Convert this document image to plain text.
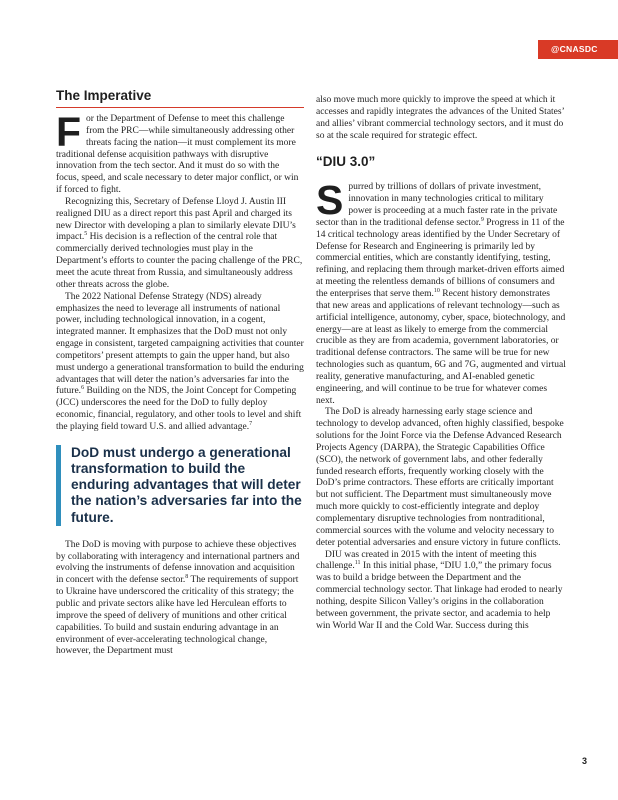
@CNASDC
The Imperative

For the Department of Defense to meet this challenge from the PRC—while simultaneously addressing other threats facing the nation—it must complement its more traditional defense acquisition pathways with disruptive innovation from the tech sector. And it must do so with the focus, speed, and scale necessary to deter major conflict, or win if forced to fight.

Recognizing this, Secretary of Defense Lloyd J. Austin III realigned DIU as a direct report this past April and charged its new Director with developing a plan to similarly elevate DIU’s impact.$^5$ His decision is a reflection of the central role that commercially derived technologies must play in the Department’s efforts to counter the pacing challenge of the PRC, meet the acute threat from Russia, and simultaneously address other threats across the globe.

The 2022 National Defense Strategy (NDS) already emphasizes the need to leverage all instruments of national power, including technological innovation, in a cogent, integrated manner. It emphasizes that the DoD must not only engage in consistent, targeted campaigning activities that counter competitors’ present attempts to gain the upper hand, but also must undergo a generational transformation to build the enduring advantages that will deter the nation’s adversaries far into the future.$^6$ Building on the NDS, the Joint Concept for Competing (JCC) underscores the need for the DoD to fully deploy economic, financial, regulatory, and other tools to level and shift the playing field toward U.S. and allied advantage.$^7$

DoD must undergo a generational transformation to build the enduring advantages that will deter the nation’s adversaries far into the future.

The DoD is moving with purpose to achieve these objectives by collaborating with interagency and international partners and evolving the instruments of defense innovation and acquisition in concert with the defense sector.$^8$ The requirements of support to Ukraine have underscored the criticality of this strategy; the public and private sectors alike have led Herculean efforts to improve the speed of delivery of munitions and other critical capabilities. To build and sustain enduring advantage in an environment of ever-accelerating technological change, however, the Department must

also move much more quickly to improve the speed at which it accesses and rapidly integrates the advances of the United States’ and allies’ vibrant commercial technology sectors, and it must do so at the scale required for strategic effect.

“DIU 3.0”

Spurred by trillions of dollars of private investment, innovation in many technologies critical to military power is proceeding at a much faster rate in the private sector than in the traditional defense sector.$^9$ Progress in 11 of the 14 critical technology areas identified by the Under Secretary of Defense for Research and Engineering is primarily led by commercial entities, which are constantly identifying, testing, refining, and replacing them through market-driven efforts aimed at meeting the relentless demands of billions of consumers and the enterprises that serve them.$^{10}$ Recent history demonstrates that new areas and applications of relevant technology—such as artificial intelligence, autonomy, cyber, space, biotechnology, and energy—are at least as likely to emerge from the commercial crucible as they are from academia, government laboratories, or traditional defense contractors. The same will be true for new technologies such as quantum, 6G and 7G, augmented and virtual reality, generative manufacturing, and AI-enabled genetic engineering, and will continue to be true for whatever comes next.

The DoD is already harnessing early stage science and technology to develop advanced, often highly classified, bespoke solutions for the Joint Force via the Defense Advanced Research Projects Agency (DARPA), the Strategic Capabilities Office (SCO), the network of government labs, and other federally funded research efforts, frequently working closely with the DoD’s prime contractors. These efforts are critically important but not sufficient. The Department must simultaneously move much more quickly to cost-efficiently integrate and deploy complementary disruptive technologies from nontraditional, commercial sources with the volume and velocity necessary to deter potential adversaries and ensure victory in future conflicts.

DIU was created in 2015 with the intent of meeting this challenge.$^{11}$ In this initial phase, “DIU 1.0,” the primary focus was to build a bridge between the Department and the commercial technology sector. That linkage had eroded to nearly nothing, despite Silicon Valley’s origins in the collaboration between government, the private sector, and academia to help win World War II and the Cold War. Success during this

3
